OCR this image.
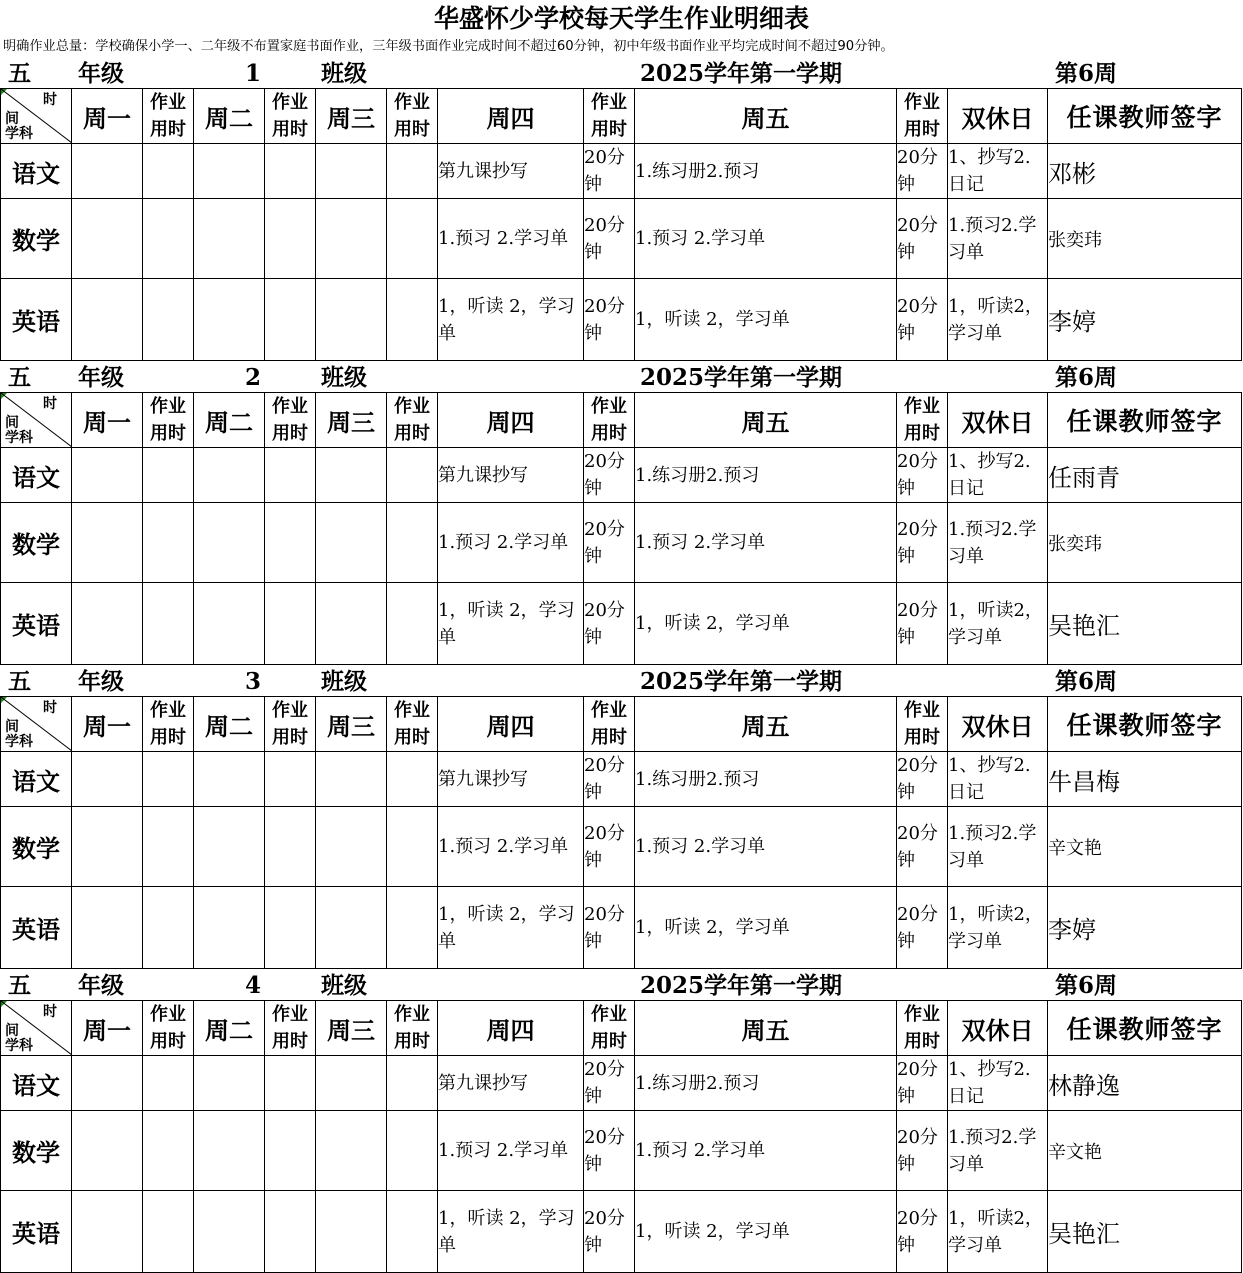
华盛怀少学校每天学生作业明细表
明确作业总量：学校确保小学一、二年级不布置家庭书面作业，三年级书面作业完成时间不超过60分钟，初中年级书面作业平均完成时间不超过90分钟。
五 年级	1	班级	2025学年第一学期	第6周
时
间
学科	周一	作业用时	周二	作业用时	周三	作业用时	周四	作业用时	周五	作业用时	双休日	任课教师签字
语文							第九课抄写	20分钟	1.练习册2.预习	20分钟	1、抄写2.日记	邓彬
数学							1.预习 2.学习单	20分钟	1.预习 2.学习单	20分钟	1.预习2.学习单	张奕玮
英语							1，听读 2，学习单	20分钟	1，听读 2，学习单	20分钟	1，听读2，学习单	李婷
五 年级	2	班级	2025学年第一学期	第6周
时
间
学科	周一	作业用时	周二	作业用时	周三	作业用时	周四	作业用时	周五	作业用时	双休日	任课教师签字
语文							第九课抄写	20分钟	1.练习册2.预习	20分钟	1、抄写2.日记	任雨青
数学							1.预习 2.学习单	20分钟	1.预习 2.学习单	20分钟	1.预习2.学习单	张奕玮
英语							1，听读 2，学习单	20分钟	1，听读 2，学习单	20分钟	1，听读2，学习单	吴艳汇
五 年级	3	班级	2025学年第一学期	第6周
时
间
学科	周一	作业用时	周二	作业用时	周三	作业用时	周四	作业用时	周五	作业用时	双休日	任课教师签字
语文							第九课抄写	20分钟	1.练习册2.预习	20分钟	1、抄写2.日记	牛昌梅
数学							1.预习 2.学习单	20分钟	1.预习 2.学习单	20分钟	1.预习2.学习单	辛文艳
英语							1，听读 2，学习单	20分钟	1，听读 2，学习单	20分钟	1，听读2，学习单	李婷
五 年级	4	班级	2025学年第一学期	第6周
时
间
学科	周一	作业用时	周二	作业用时	周三	作业用时	周四	作业用时	周五	作业用时	双休日	任课教师签字
语文							第九课抄写	20分钟	1.练习册2.预习	20分钟	1、抄写2.日记	林静逸
数学							1.预习 2.学习单	20分钟	1.预习 2.学习单	20分钟	1.预习2.学习单	辛文艳
英语							1，听读 2，学习单	20分钟	1，听读 2，学习单	20分钟	1，听读2，学习单	吴艳汇
